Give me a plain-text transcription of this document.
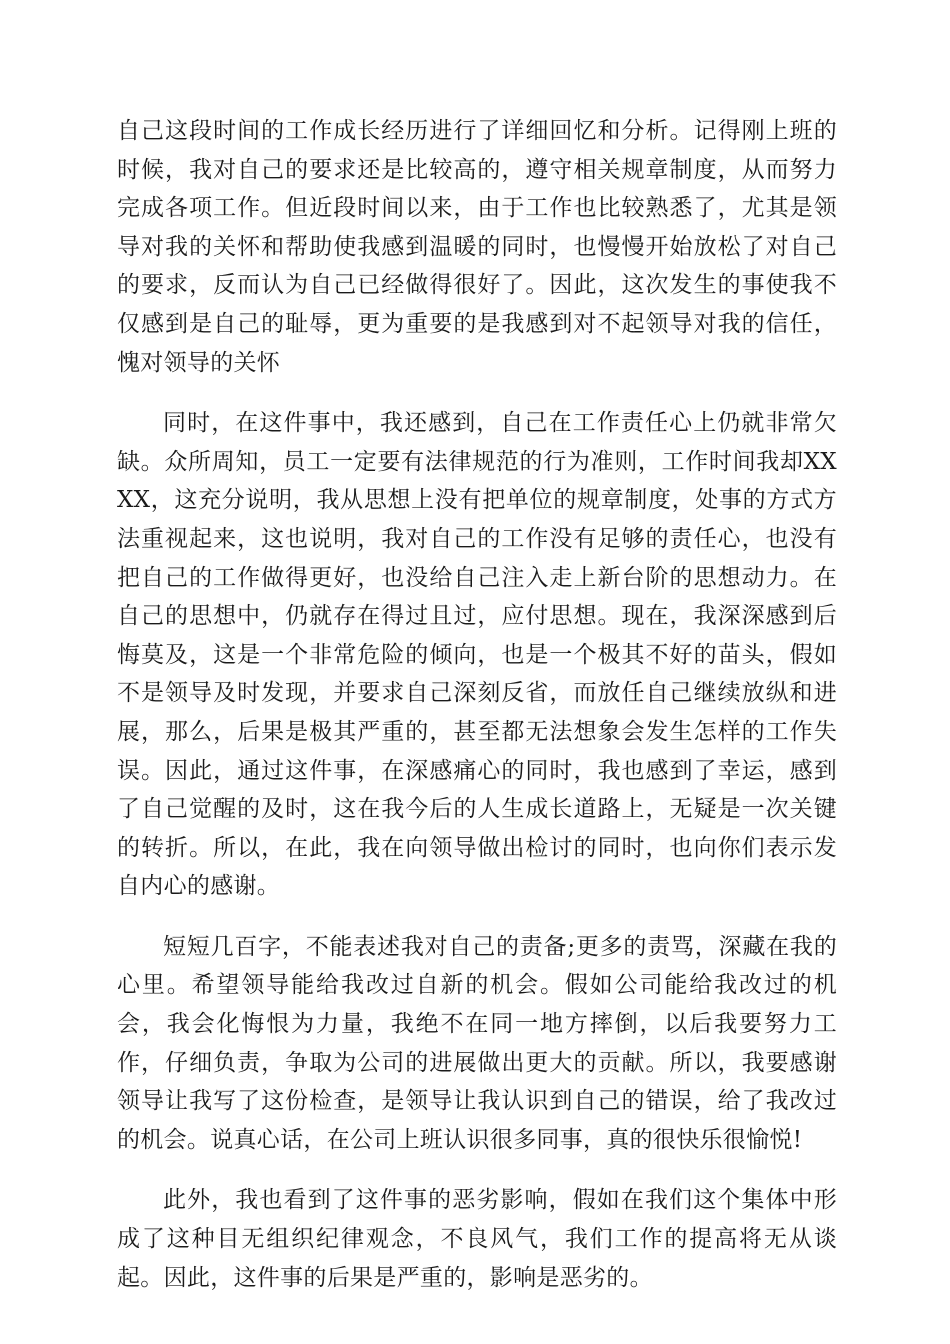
自己这段时间的工作成长经历进行了详细回忆和分析。记得刚上班的时候，我对自己的要求还是比较高的，遵守相关规章制度，从而努力完成各项工作。但近段时间以来，由于工作也比较熟悉了，尤其是领导对我的关怀和帮助使我感到温暖的同时，也慢慢开始放松了对自己的要求，反而认为自己已经做得很好了。因此，这次发生的事使我不仅感到是自己的耻辱，更为重要的是我感到对不起领导对我的信任，愧对领导的关怀

同时，在这件事中，我还感到，自己在工作责任心上仍就非常欠缺。众所周知，员工一定要有法律规范的行为准则，工作时间我却XXXX，这充分说明，我从思想上没有把单位的规章制度，处事的方式方法重视起来，这也说明，我对自己的工作没有足够的责任心，也没有把自己的工作做得更好，也没给自己注入走上新台阶的思想动力。在自己的思想中，仍就存在得过且过，应付思想。现在，我深深感到后悔莫及，这是一个非常危险的倾向，也是一个极其不好的苗头，假如不是领导及时发现，并要求自己深刻反省，而放任自己继续放纵和进展，那么，后果是极其严重的，甚至都无法想象会发生怎样的工作失误。因此，通过这件事，在深感痛心的同时，我也感到了幸运，感到了自己觉醒的及时，这在我今后的人生成长道路上，无疑是一次关键的转折。所以，在此，我在向领导做出检讨的同时，也向你们表示发自内心的感谢。

短短几百字，不能表述我对自己的责备;更多的责骂，深藏在我的心里。希望领导能给我改过自新的机会。假如公司能给我改过的机会，我会化悔恨为力量，我绝不在同一地方摔倒，以后我要努力工作，仔细负责，争取为公司的进展做出更大的贡献。所以，我要感谢领导让我写了这份检查，是领导让我认识到自己的错误，给了我改过的机会。说真心话，在公司上班认识很多同事，真的很快乐很愉悦!

此外，我也看到了这件事的恶劣影响，假如在我们这个集体中形成了这种目无组织纪律观念，不良风气，我们工作的提高将无从谈起。因此，这件事的后果是严重的，影响是恶劣的。
